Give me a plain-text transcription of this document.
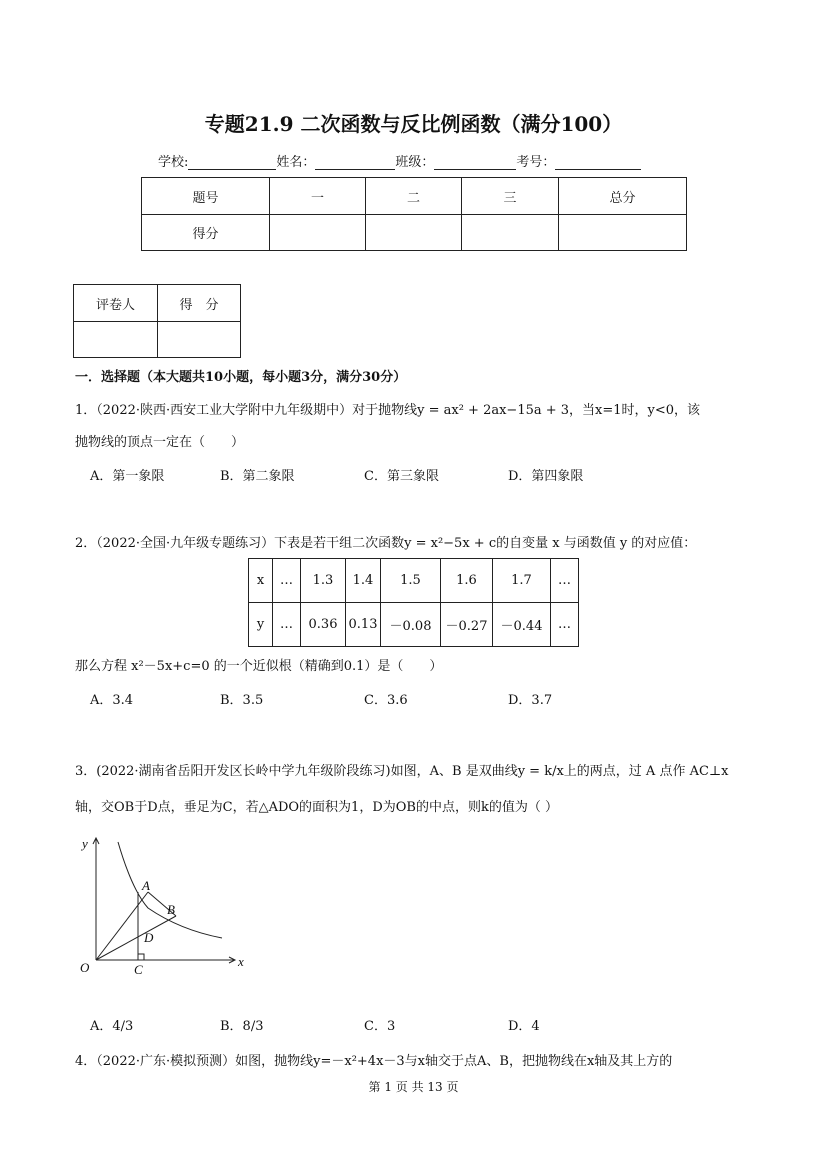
专题21.9 二次函数与反比例函数（满分100）
学校:	姓名：	班级：	考号：
题号	一	二	三	总分
得分				
评卷人	得　分

一．选择题（本大题共10小题，每小题3分，满分30分）
1．（2022·陕西·西安工业大学附中九年级期中）对于抛物线y = ax² + 2ax−15a + 3，当x=1时，y<0，该
抛物线的顶点一定在（　　）
A．第一象限	B．第二象限	C．第三象限	D．第四象限
2．（2022·全国·九年级专题练习）下表是若干组二次函数y = x²−5x + c的自变量 x 与函数值 y 的对应值：
x	…	1.3	1.4	1.5	1.6	1.7	…
y	…	0.36	0.13	－0.08	－0.27	－0.44	…
那么方程 x²－5x+c=0 的一个近似根（精确到0.1）是（　　）
A．3.4	B．3.5	C．3.6	D．3.7
3．(2022·湖南省岳阳开发区长岭中学九年级阶段练习)如图，A、B 是双曲线y = k/x上的两点，过 A 点作 AC⊥x
轴，交OB于D点，垂足为C，若△ADO的面积为1，D为OB的中点，则k的值为（ ）
y
x
O
A
B
C
D
A．4/3	B．8/3	C．3	D．4
4．（2022·广东·模拟预测）如图，抛物线y=－x²+4x－3与x轴交于点A、B，把抛物线在x轴及其上方的
第 1 页 共 13 页
